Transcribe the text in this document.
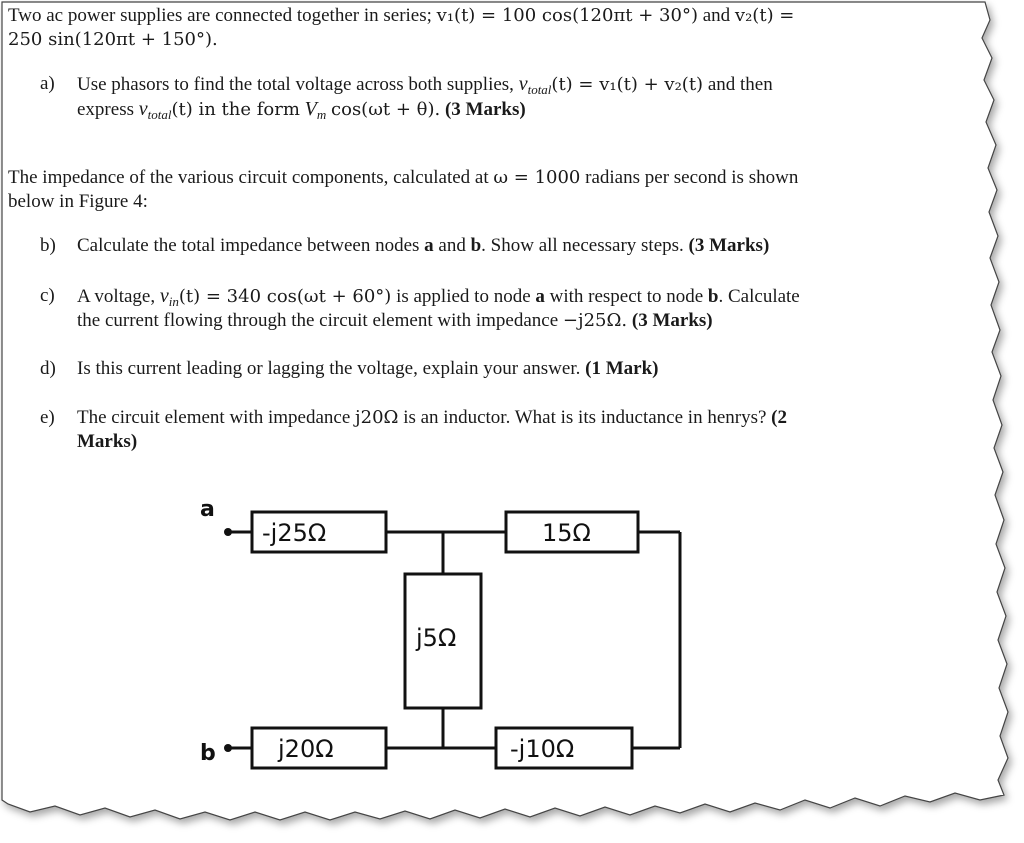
Two ac power supplies are connected together in series; v₁(t) = 100 cos(120πt + 30°) and v₂(t) =
250 sin(120πt + 150°).
a) Use phasors to find the total voltage across both supplies, $v_{total}(t) = v_1(t) + v_2(t)$ and then
express $v_{total}(t)$ in the form $V_m$ cos(ωt + θ). (3 Marks)
The impedance of the various circuit components, calculated at ω = 1000 radians per second is shown
below in Figure 4:
b) Calculate the total impedance between nodes a and b. Show all necessary steps. (3 Marks)
c) A voltage, $v_{in}(t) = 340$ cos(ωt + 60°) is applied to node a with respect to node b. Calculate
the current flowing through the circuit element with impedance −j25Ω. (3 Marks)
d) Is this current leading or lagging the voltage, explain your answer. (1 Mark)
e) The circuit element with impedance j20Ω is an inductor. What is its inductance in henrys? (2
Marks)
a
b
-j25Ω	15Ω
j5Ω
j20Ω	-j10Ω
